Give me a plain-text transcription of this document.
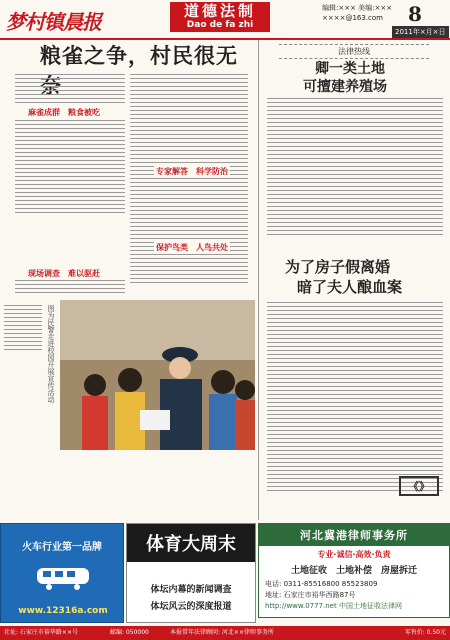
梦村镇晨报	道德法制
Dao de fa zhi
编辑:××× 美编:×××
××××@163.com 8
2011年×月×日
粮雀之争，村民很无
麻雀成群　粮食被吃
现场调查　难以驱赶
专家解答　科学防治
保护鸟类　人鸟共处
图为民警走进校园开展宣传活动
法律热线
卿一类土地
可擅建养殖场
为了房子假离婚
暗了夫人酿血案
《》
河北冀港律师事务所
专业·诚信·高效·负责
土地征收　土地补偿　房屋拆迁
电话: 0311-85516800 85523809
地址: 石家庄市裕华西路87号
http://www.0777.net 中国土地征收法律网
火车行业第一品牌
www.12316a.com
体育大周末
体坛内幕的新闻调查
体坛风云的深度报道
社址: 石家庄市裕华路××号	邮编: 050000	本报常年法律顾问: 河北××律师事务所	零售价: 0.50元
